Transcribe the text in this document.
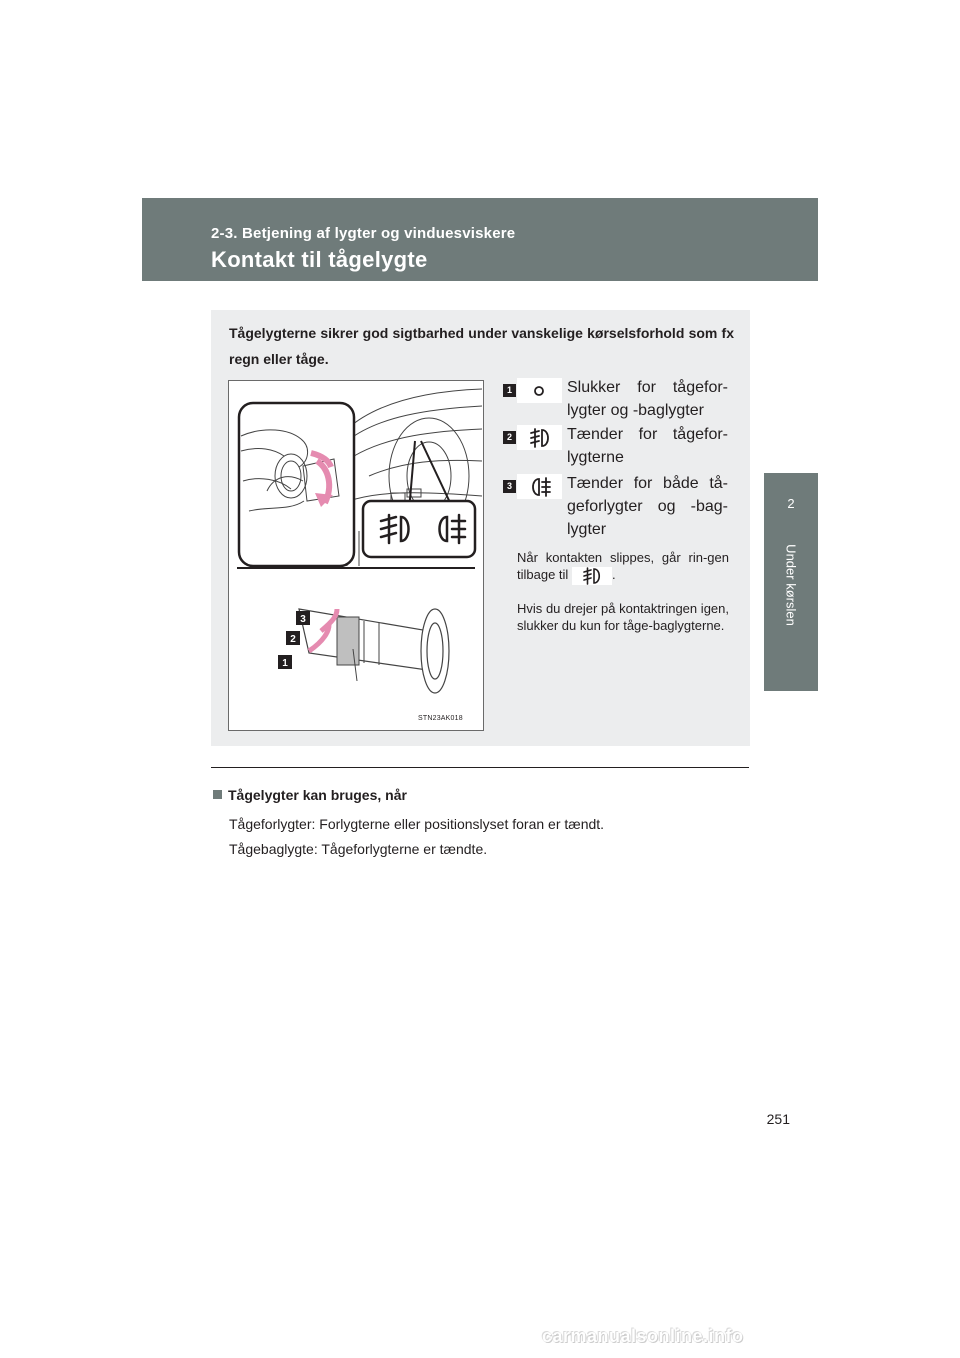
2-3. Betjening af lygter og vinduesviskere
Kontakt til tågelygte
2
Under kørslen
Tågelygterne sikrer god sigtbarhed under vanskelige kørselsforhold som fx regn eller tåge.
3
2
1
STN23AK018
1	Slukker for tågefor-lygter og -baglygter
2	Tænder for tågefor-lygterne
3	Tænder for både tå-geforlygter og -bag-lygter
Når kontakten slippes, går rin-gen tilbage til	.
Hvis du drejer på kontaktringen igen, slukker du kun for tåge-baglygterne.
Tågelygter kan bruges, når
Tågeforlygter: Forlygterne eller positionslyset foran er tændt.
Tågebaglygte: Tågeforlygterne er tændte.
251
carmanualsonline.info
